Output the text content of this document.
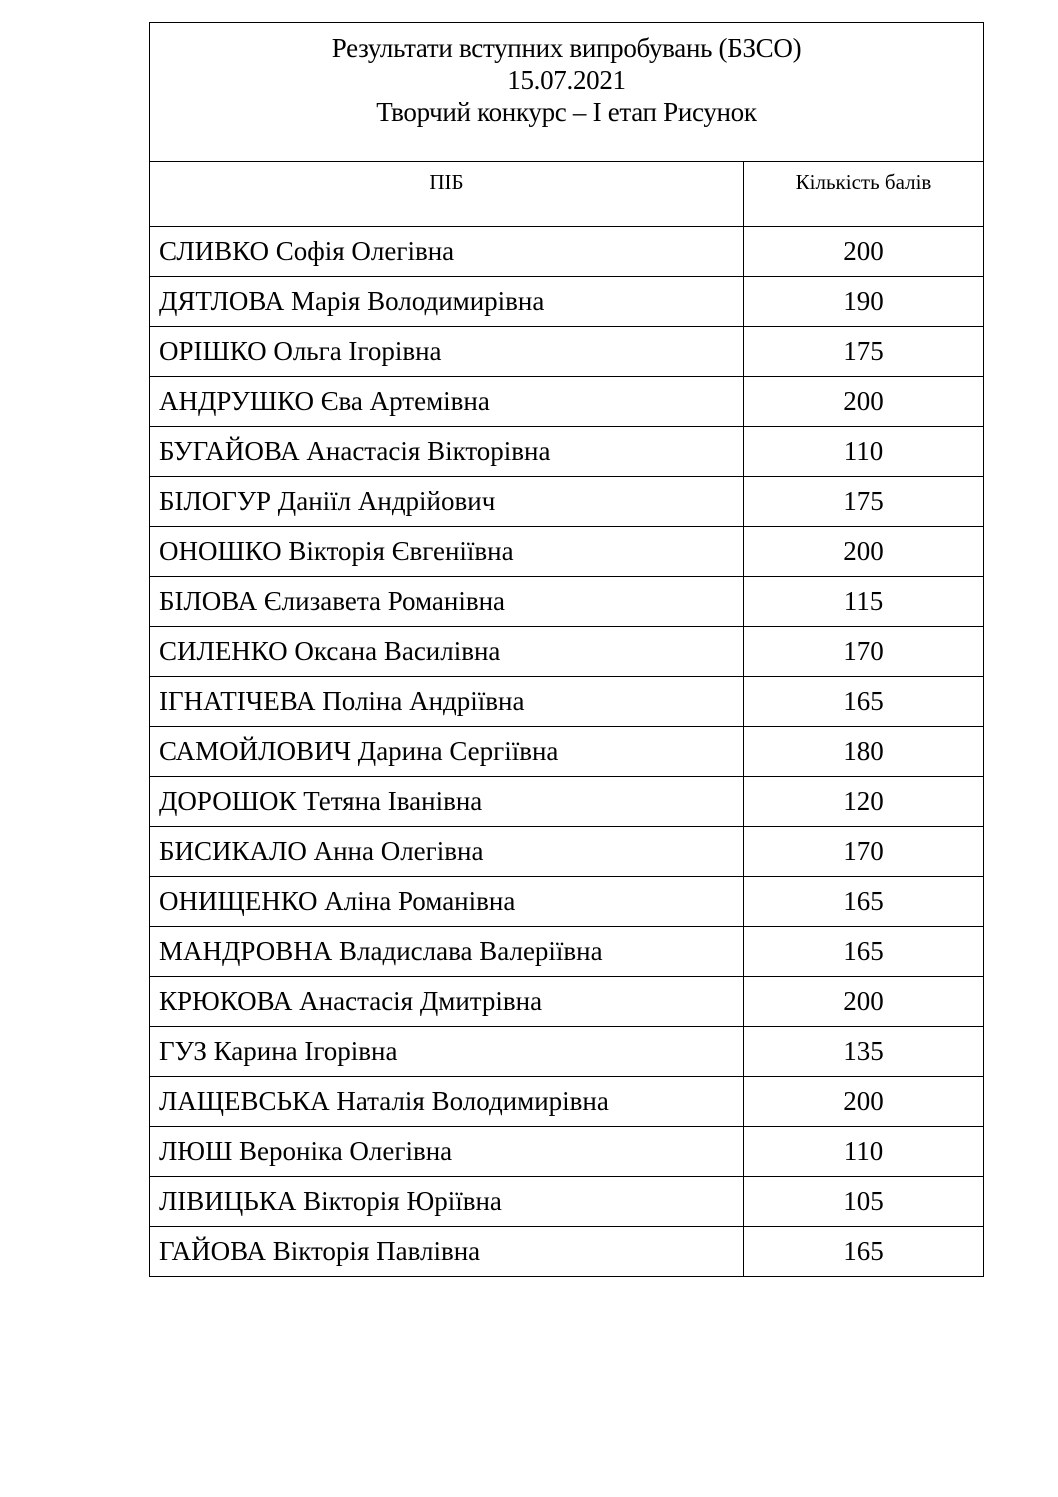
Результати вступних випробувань (БЗСО)
15.07.2021
Творчий конкурс – І етап Рисунок	

ПІБ	Кількість балів
СЛИВКО Софія Олегівна	200
ДЯТЛОВА Марія Володимирівна	190
ОРІШКО Ольга Ігорівна	175
АНДРУШКО Єва Артемівна	200
БУГАЙОВА Анастасія Вікторівна	110
БІЛОГУР Даніїл Андрійович	175
ОНОШКО Вікторія Євгеніївна	200
БІЛОВА Єлизавета Романівна	115
СИЛЕНКО Оксана Василівна	170
ІГНАТІЧЕВА Поліна Андріївна	165
САМОЙЛОВИЧ Дарина Сергіївна	180
ДОРОШОК Тетяна Іванівна	120
БИСИКАЛО Анна Олегівна	170
ОНИЩЕНКО Аліна Романівна	165
МАНДРОВНА Владислава Валеріївна	165
КРЮКОВА Анастасія Дмитрівна	200
ГУЗ Карина Ігорівна	135
ЛАЩЕВСЬКА Наталія Володимирівна	200
ЛЮШ Вероніка Олегівна	110
ЛІВИЦЬКА Вікторія Юріївна	105
ГАЙОВА Вікторія Павлівна	165
